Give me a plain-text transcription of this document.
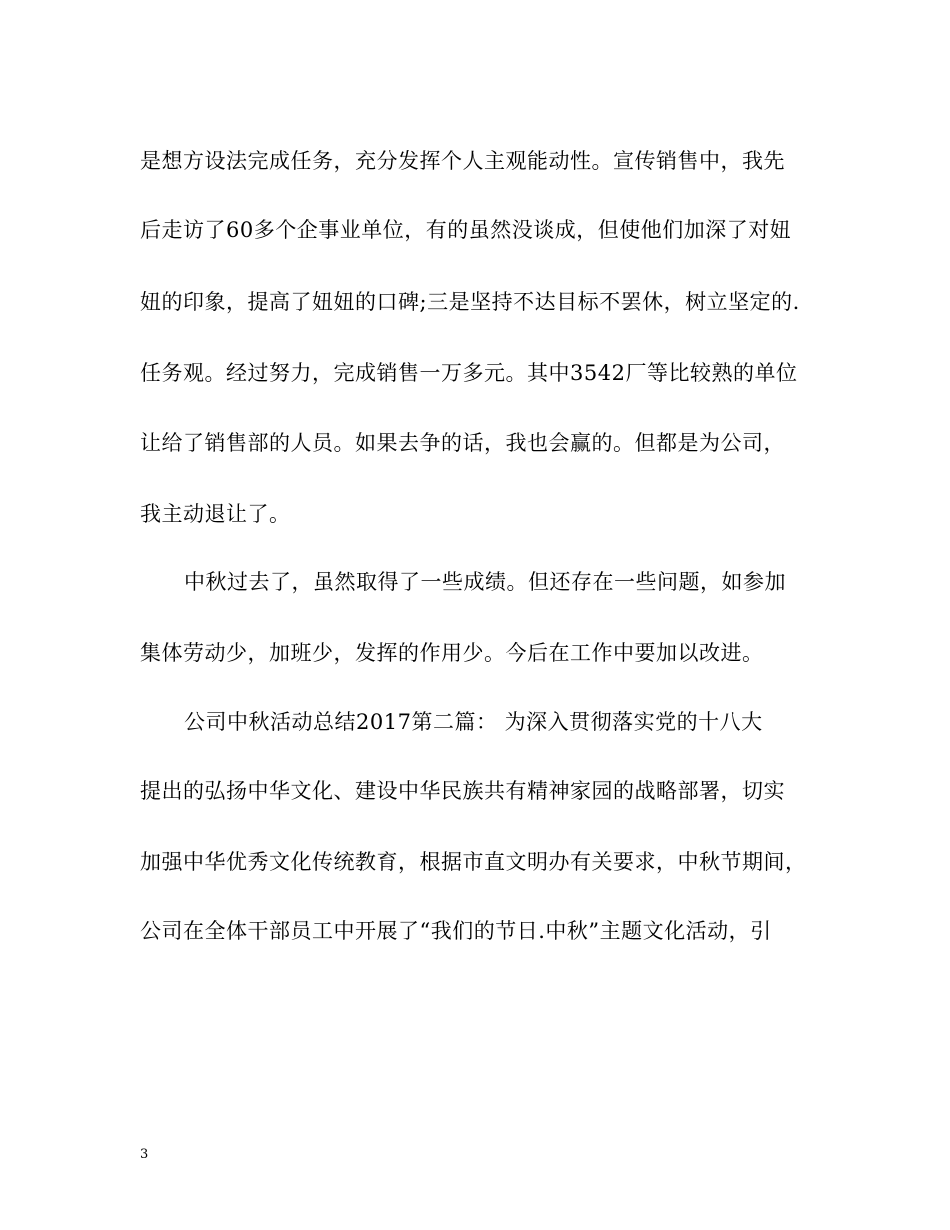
是想方设法完成任务，充分发挥个人主观能动性。宣传销售中，我先
后走访了60多个企事业单位，有的虽然没谈成，但使他们加深了对妞
妞的印象，提高了妞妞的口碑;三是坚持不达目标不罢休，树立坚定的.
任务观。经过努力，完成销售一万多元。其中3542厂等比较熟的单位
让给了销售部的人员。如果去争的话，我也会赢的。但都是为公司，
我主动退让了。
中秋过去了，虽然取得了一些成绩。但还存在一些问题，如参加
集体劳动少，加班少，发挥的作用少。今后在工作中要加以改进。
公司中秋活动总结2017第二篇： 为深入贯彻落实党的十八大
提出的弘扬中华文化、建设中华民族共有精神家园的战略部署，切实
加强中华优秀文化传统教育，根据市直文明办有关要求，中秋节期间，
公司在全体干部员工中开展了“我们的节日.中秋”主题文化活动，引
3
